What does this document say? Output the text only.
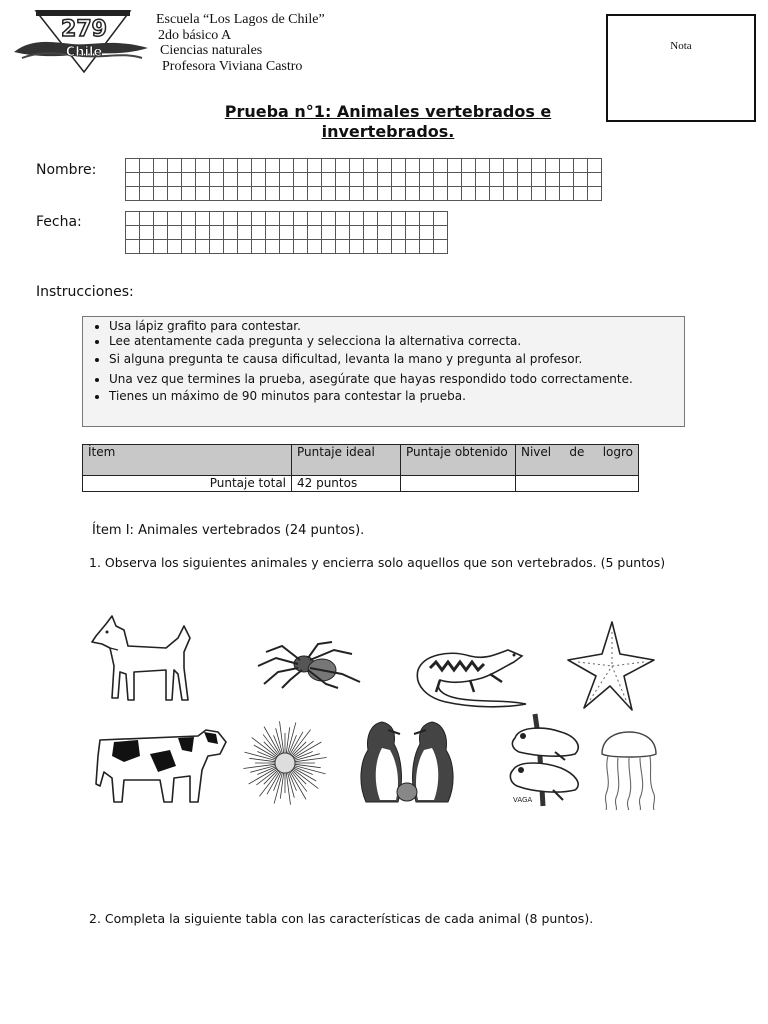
279
Chile
Escuela “Los Lagos de Chile”
2do básico A
Ciencias naturales
Profesora Viviana Castro
Nota
Prueba n°1: Animales vertebrados e
invertebrados.
Nombre:

Fecha:

Instrucciones:
• Usa lápiz grafito para contestar.
• Lee atentamente cada pregunta y selecciona la alternativa correcta.
• Si alguna pregunta te causa dificultad, levanta la mano y pregunta al profesor.
• Una vez que termines la prueba, asegúrate que hayas respondido todo correctamente.
• Tienes un máximo de 90 minutos para contestar la prueba.
Ítem	Puntaje ideal	Puntaje obtenido	Nivel de logro
Puntaje total	42 puntos		
Ítem I: Animales vertebrados (24 puntos).
1. Observa los siguientes animales y encierra solo aquellos que son vertebrados. (5 puntos)
VAGA
2. Completa la siguiente tabla con las características de cada animal (8 puntos).
